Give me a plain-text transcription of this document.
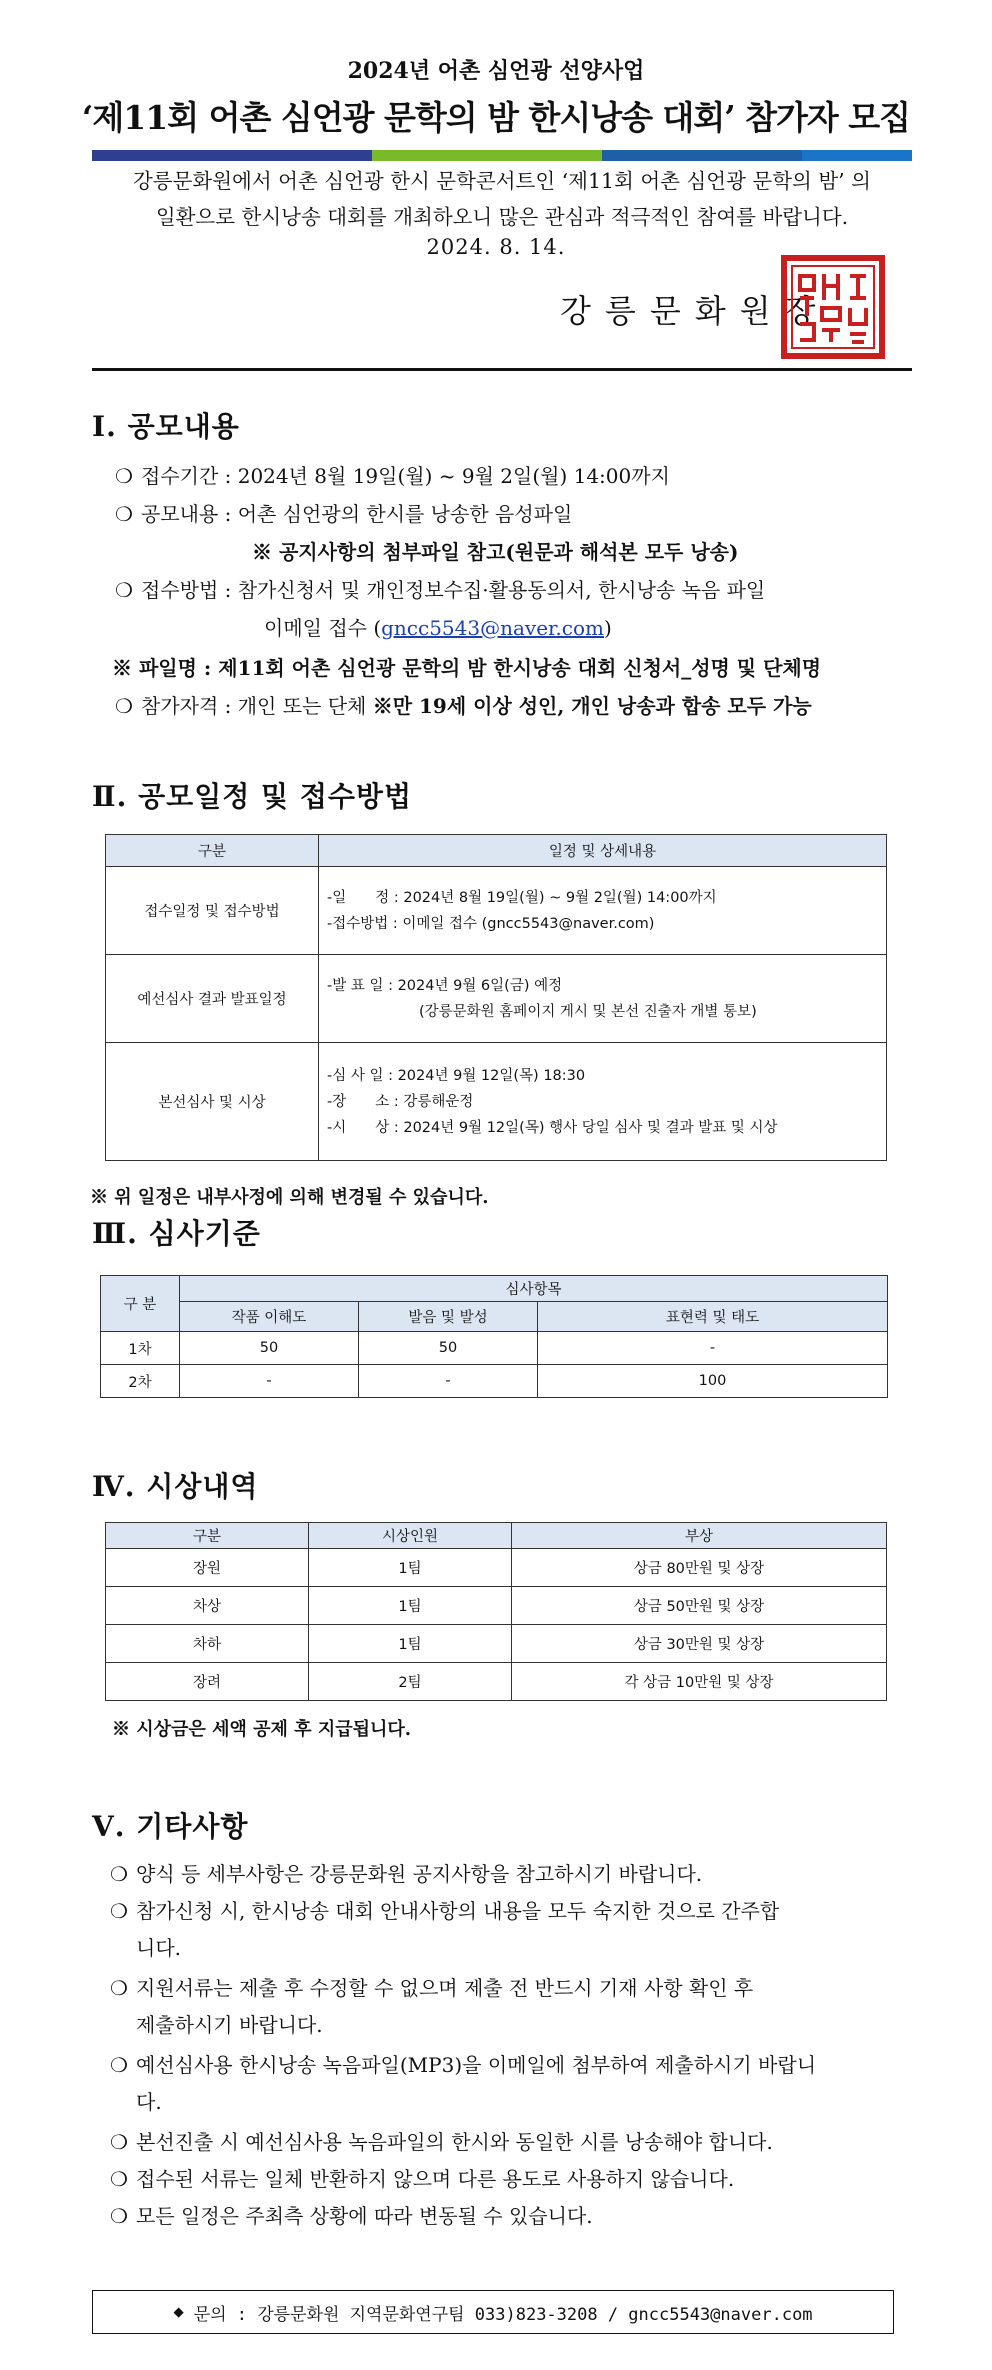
2024년 어촌 심언광 선양사업
‘제11회 어촌 심언광 문학의 밤 한시낭송 대회’ 참가자 모집
강릉문화원에서 어촌 심언광 한시 문학콘서트인 ‘제11회 어촌 심언광 문학의 밤’ 의
일환으로 한시낭송 대회를 개최하오니 많은 관심과 적극적인 참여를 바랍니다.
2024. 8. 14.
강릉문화원장
Ⅰ. 공모내용
❍ 접수기간 : 2024년 8월 19일(월) ~ 9월 2일(월) 14:00까지
❍ 공모내용 : 어촌 심언광의 한시를 낭송한 음성파일
※ 공지사항의 첨부파일 참고(원문과 해석본 모두 낭송)
❍ 접수방법 : 참가신청서 및 개인정보수집·활용동의서, 한시낭송 녹음 파일
이메일 접수 (gncc5543@naver.com)
※ 파일명 : 제11회 어촌 심언광 문학의 밤 한시낭송 대회 신청서_성명 및 단체명
❍ 참가자격 : 개인 또는 단체 ※만 19세 이상 성인, 개인 낭송과 합송 모두 가능
Ⅱ. 공모일정 및 접수방법
구분	일정 및 상세내용
접수일정 및 접수방법	-일　　정 : 2024년 8월 19일(월) ~ 9월 2일(월) 14:00까지
-접수방법 : 이메일 접수 (gncc5543@naver.com)

예선심사 결과 발표일정	-발 표 일 : 2024년 9월 6일(금) 예정
(강릉문화원 홈페이지 게시 및 본선 진출자 개별 통보)

본선심사 및 시상	-심 사 일 : 2024년 9월 12일(목) 18:30
-장　　소 : 강릉해운정
-시　　상 : 2024년 9월 12일(목) 행사 당일 심사 및 결과 발표 및 시상
※ 위 일정은 내부사정에 의해 변경될 수 있습니다.
Ⅲ. 심사기준
구 분	심사항목		
	작품 이해도	발음 및 발성	표현력 및 태도
1차	50	50	-
2차	-	-	100
Ⅳ. 시상내역
구분	시상인원	부상
장원	1팀	상금 80만원 및 상장
차상	1팀	상금 50만원 및 상장
차하	1팀	상금 30만원 및 상장
장려	2팀	각 상금 10만원 및 상장
※ 시상금은 세액 공제 후 지급됩니다.
Ⅴ. 기타사항
❍ 양식 등 세부사항은 강릉문화원 공지사항을 참고하시기 바랍니다.
❍ 참가신청 시, 한시낭송 대회 안내사항의 내용을 모두 숙지한 것으로 간주합
니다.
❍ 지원서류는 제출 후 수정할 수 없으며 제출 전 반드시 기재 사항 확인 후
제출하시기 바랍니다.
❍ 예선심사용 한시낭송 녹음파일(MP3)을 이메일에 첨부하여 제출하시기 바랍니
다.
❍ 본선진출 시 예선심사용 녹음파일의 한시와 동일한 시를 낭송해야 합니다.
❍ 접수된 서류는 일체 반환하지 않으며 다른 용도로 사용하지 않습니다.
❍ 모든 일정은 주최측 상황에 따라 변동될 수 있습니다.
◆ 문의 : 강릉문화원 지역문화연구팀 033)823-3208 / gncc5543@naver.com
